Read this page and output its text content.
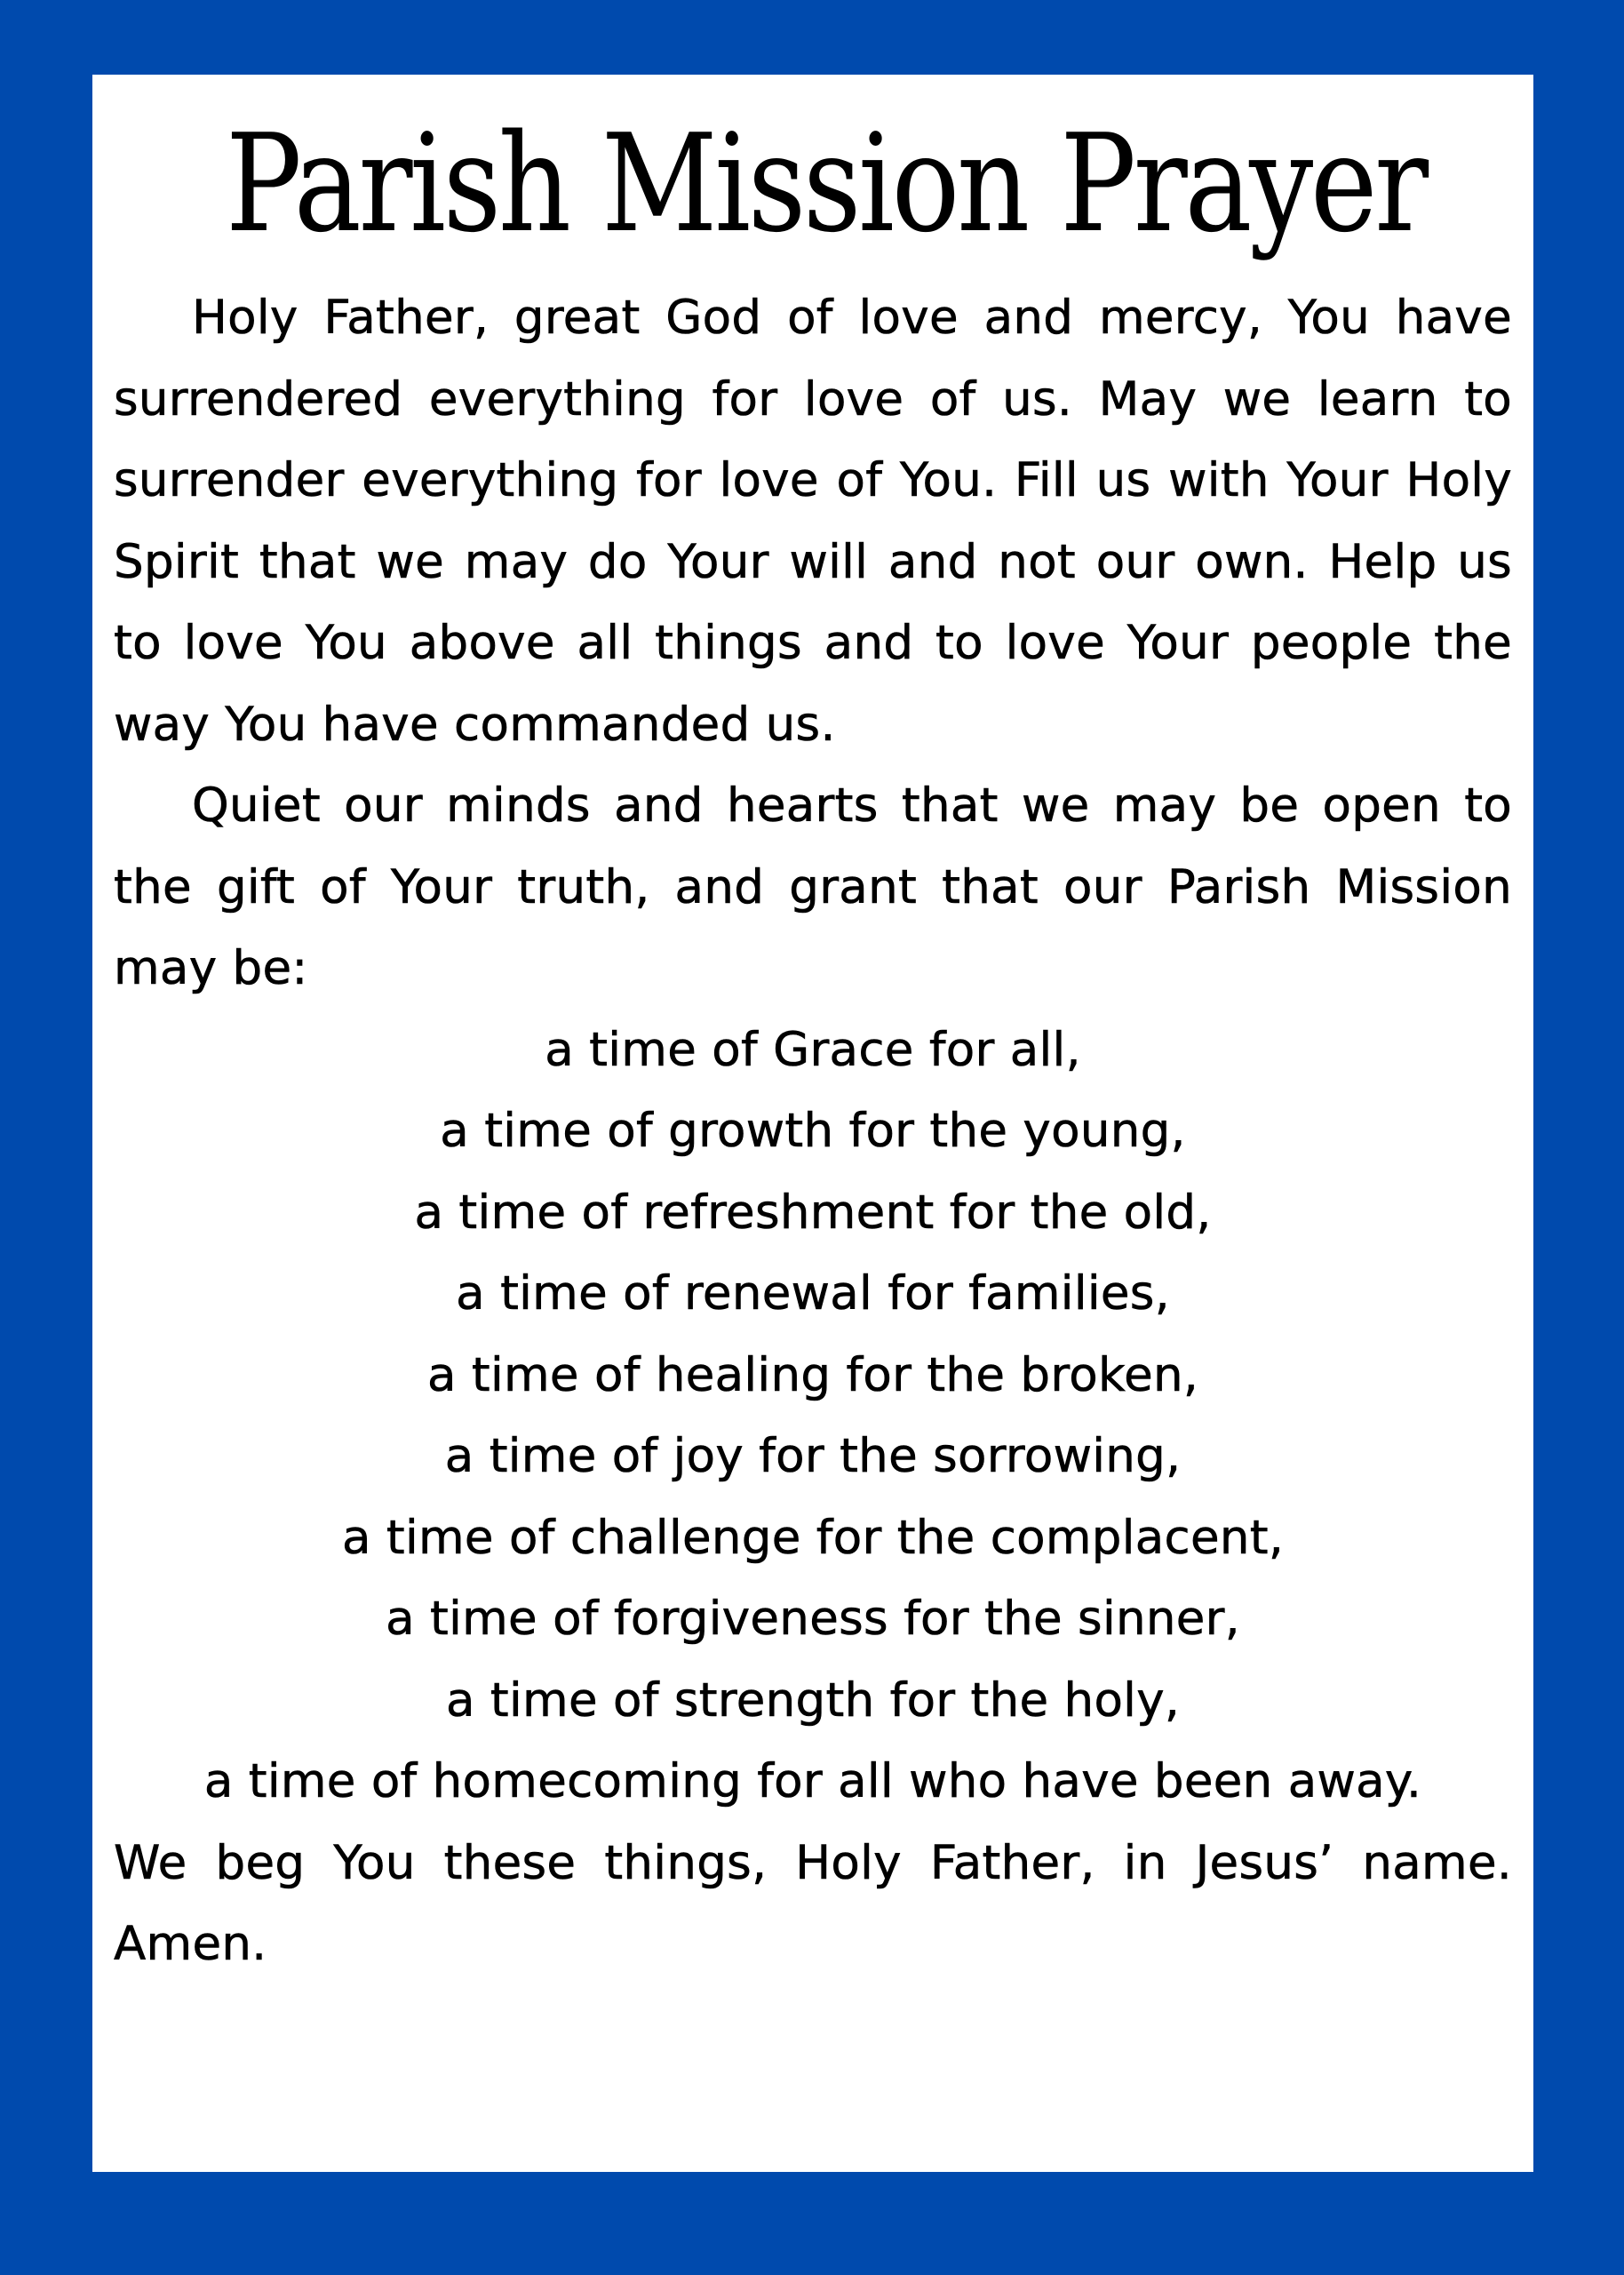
Parish Mission Prayer

Holy Father, great God of love and mercy, You have surrendered everything for love of us. May we learn to surrender everything for love of You. Fill us with Your Holy Spirit that we may do Your will and not our own. Help us to love You above all things and to love Your people the way You have commanded us.

Quiet our minds and hearts that we may be open to the gift of Your truth, and grant that our Parish Mission may be:

a time of Grace for all,
a time of growth for the young,
a time of refreshment for the old,
a time of renewal for families,
a time of healing for the broken,
a time of joy for the sorrowing,
a time of challenge for the complacent,
a time of forgiveness for the sinner,
a time of strength for the holy,
a time of homecoming for all who have been away.

We beg You these things, Holy Father, in Jesus’ name. Amen.
